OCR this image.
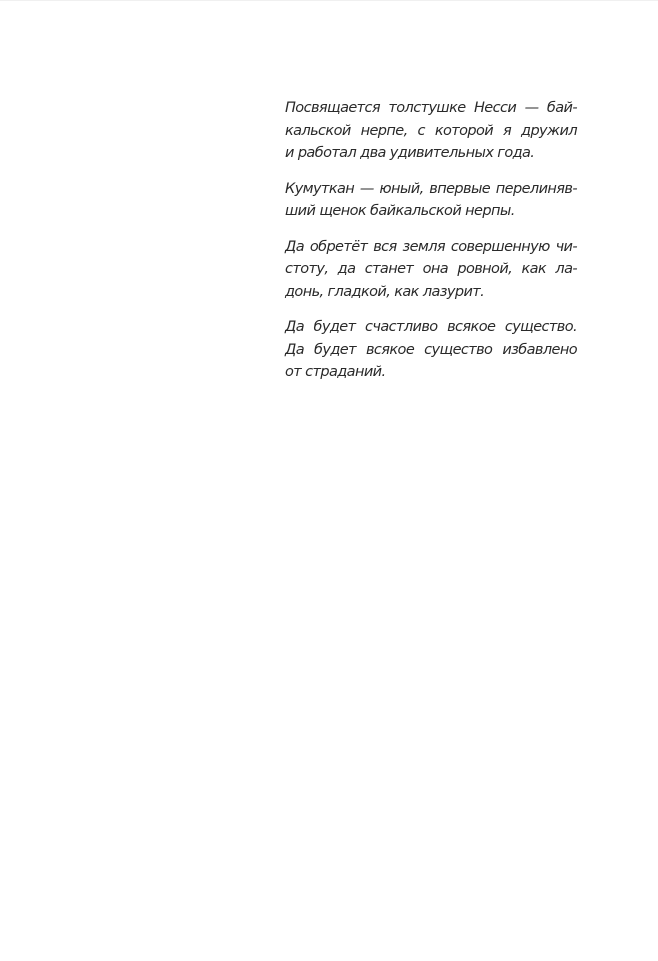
Посвящается толстушке Несси — бай-
кальской нерпе, с которой я дружил
и работал два удивительных года.

Кумуткан — юный, впервые перелиняв-
ший щенок байкальской нерпы.

Да обретёт вся земля совершенную чи-
стоту, да станет она ровной, как ла-
донь, гладкой, как лазурит.

Да будет счастливо всякое существо.
Да будет всякое существо избавлено
от страданий.
